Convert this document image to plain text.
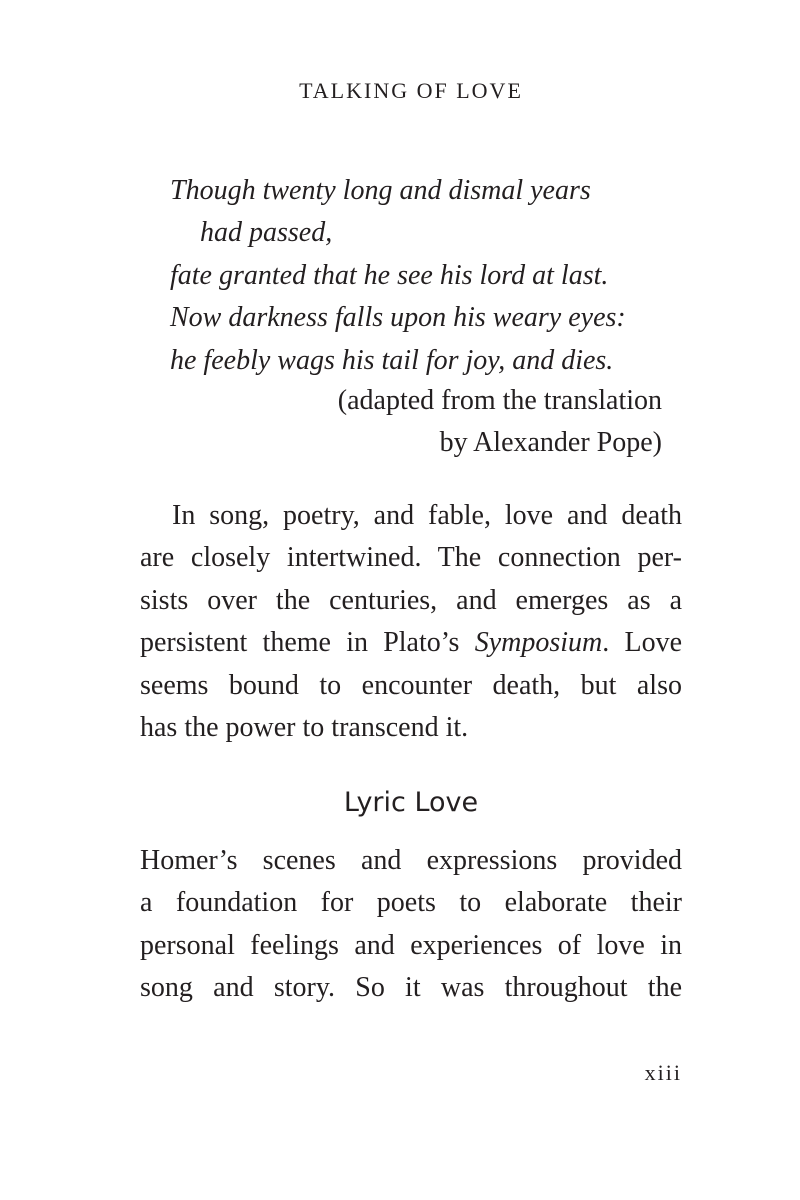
TALKING OF LOVE
Though twenty long and dismal years
had passed,
fate granted that he see his lord at last.
Now darkness falls upon his weary eyes:
he feebly wags his tail for joy, and dies.
(adapted from the translation
by Alexander Pope)
In song, poetry, and fable, love and death
are closely intertwined. The connection per-
sists over the centuries, and emerges as a
persistent theme in Plato’s Symposium. Love
seems bound to encounter death, but also
has the power to transcend it.
Lyric Love
Homer’s scenes and expressions provided
a foundation for poets to elaborate their
personal feelings and experiences of love in
song and story. So it was throughout the
xiii
